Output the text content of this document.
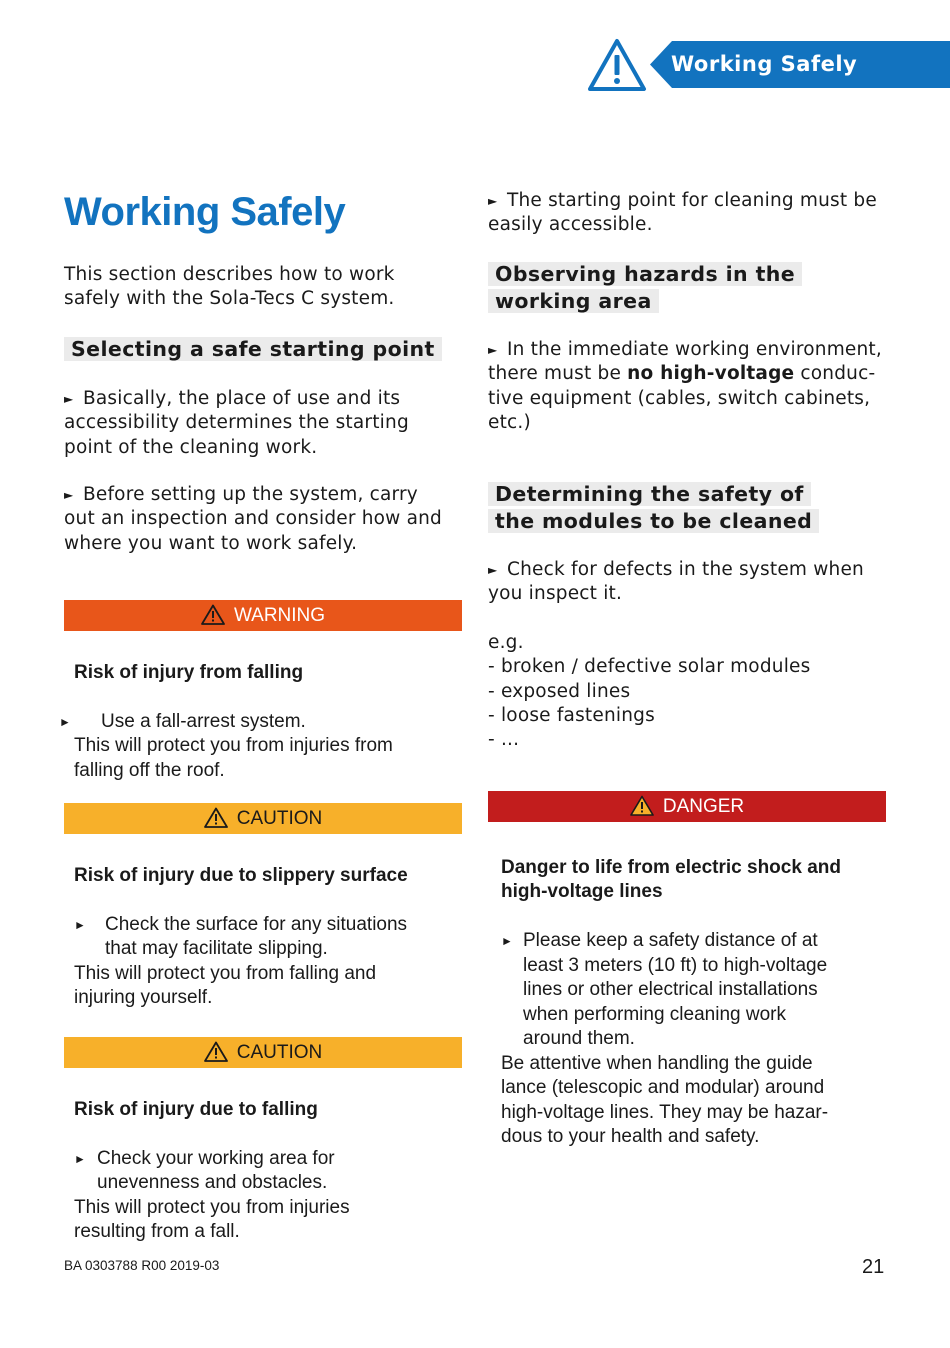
Working Safely
Working Safely
This section describes how to work
safely with the Sola-Tecs C system.
Selecting a safe starting point
► Basically, the place of use and its
accessibility determines the starting
point of the cleaning work.
► Before setting up the system, carry
out an inspection and consider how and
where you want to work safely.
WARNING

Risk of injury from falling

► Use a fall-arrest system.
This will protect you from injuries from
falling off the roof.

CAUTION

Risk of injury due to slippery surface

►	Check the surface for any situations
that may facilitate slipping.
This will protect you from falling and
injuring yourself.

CAUTION

Risk of injury due to falling

► Check your working area for
unevenness and obstacles.
This will protect you from injuries
resulting from a fall.

► The starting point for cleaning must be
easily accessible.
Observing hazards in the working area
► In the immediate working environment,
there must be no high-voltage conduc-
tive equipment (cables, switch cabinets,
etc.)
Determining the safety of the modules to be cleaned
► Check for defects in the system when
you inspect it.
e.g.
- broken / defective solar modules
- exposed lines
- loose fastenings
- ...
DANGER

Danger to life from electric shock and
high-voltage lines

► Please keep a safety distance of at
least 3 meters (10 ft) to high-voltage
lines or other electrical installations
when performing cleaning work
around them.
Be attentive when handling the guide
lance (telescopic and modular) around
high-voltage lines. They may be hazar-
dous to your health and safety.

BA 0303788 R00 2019-03	21
